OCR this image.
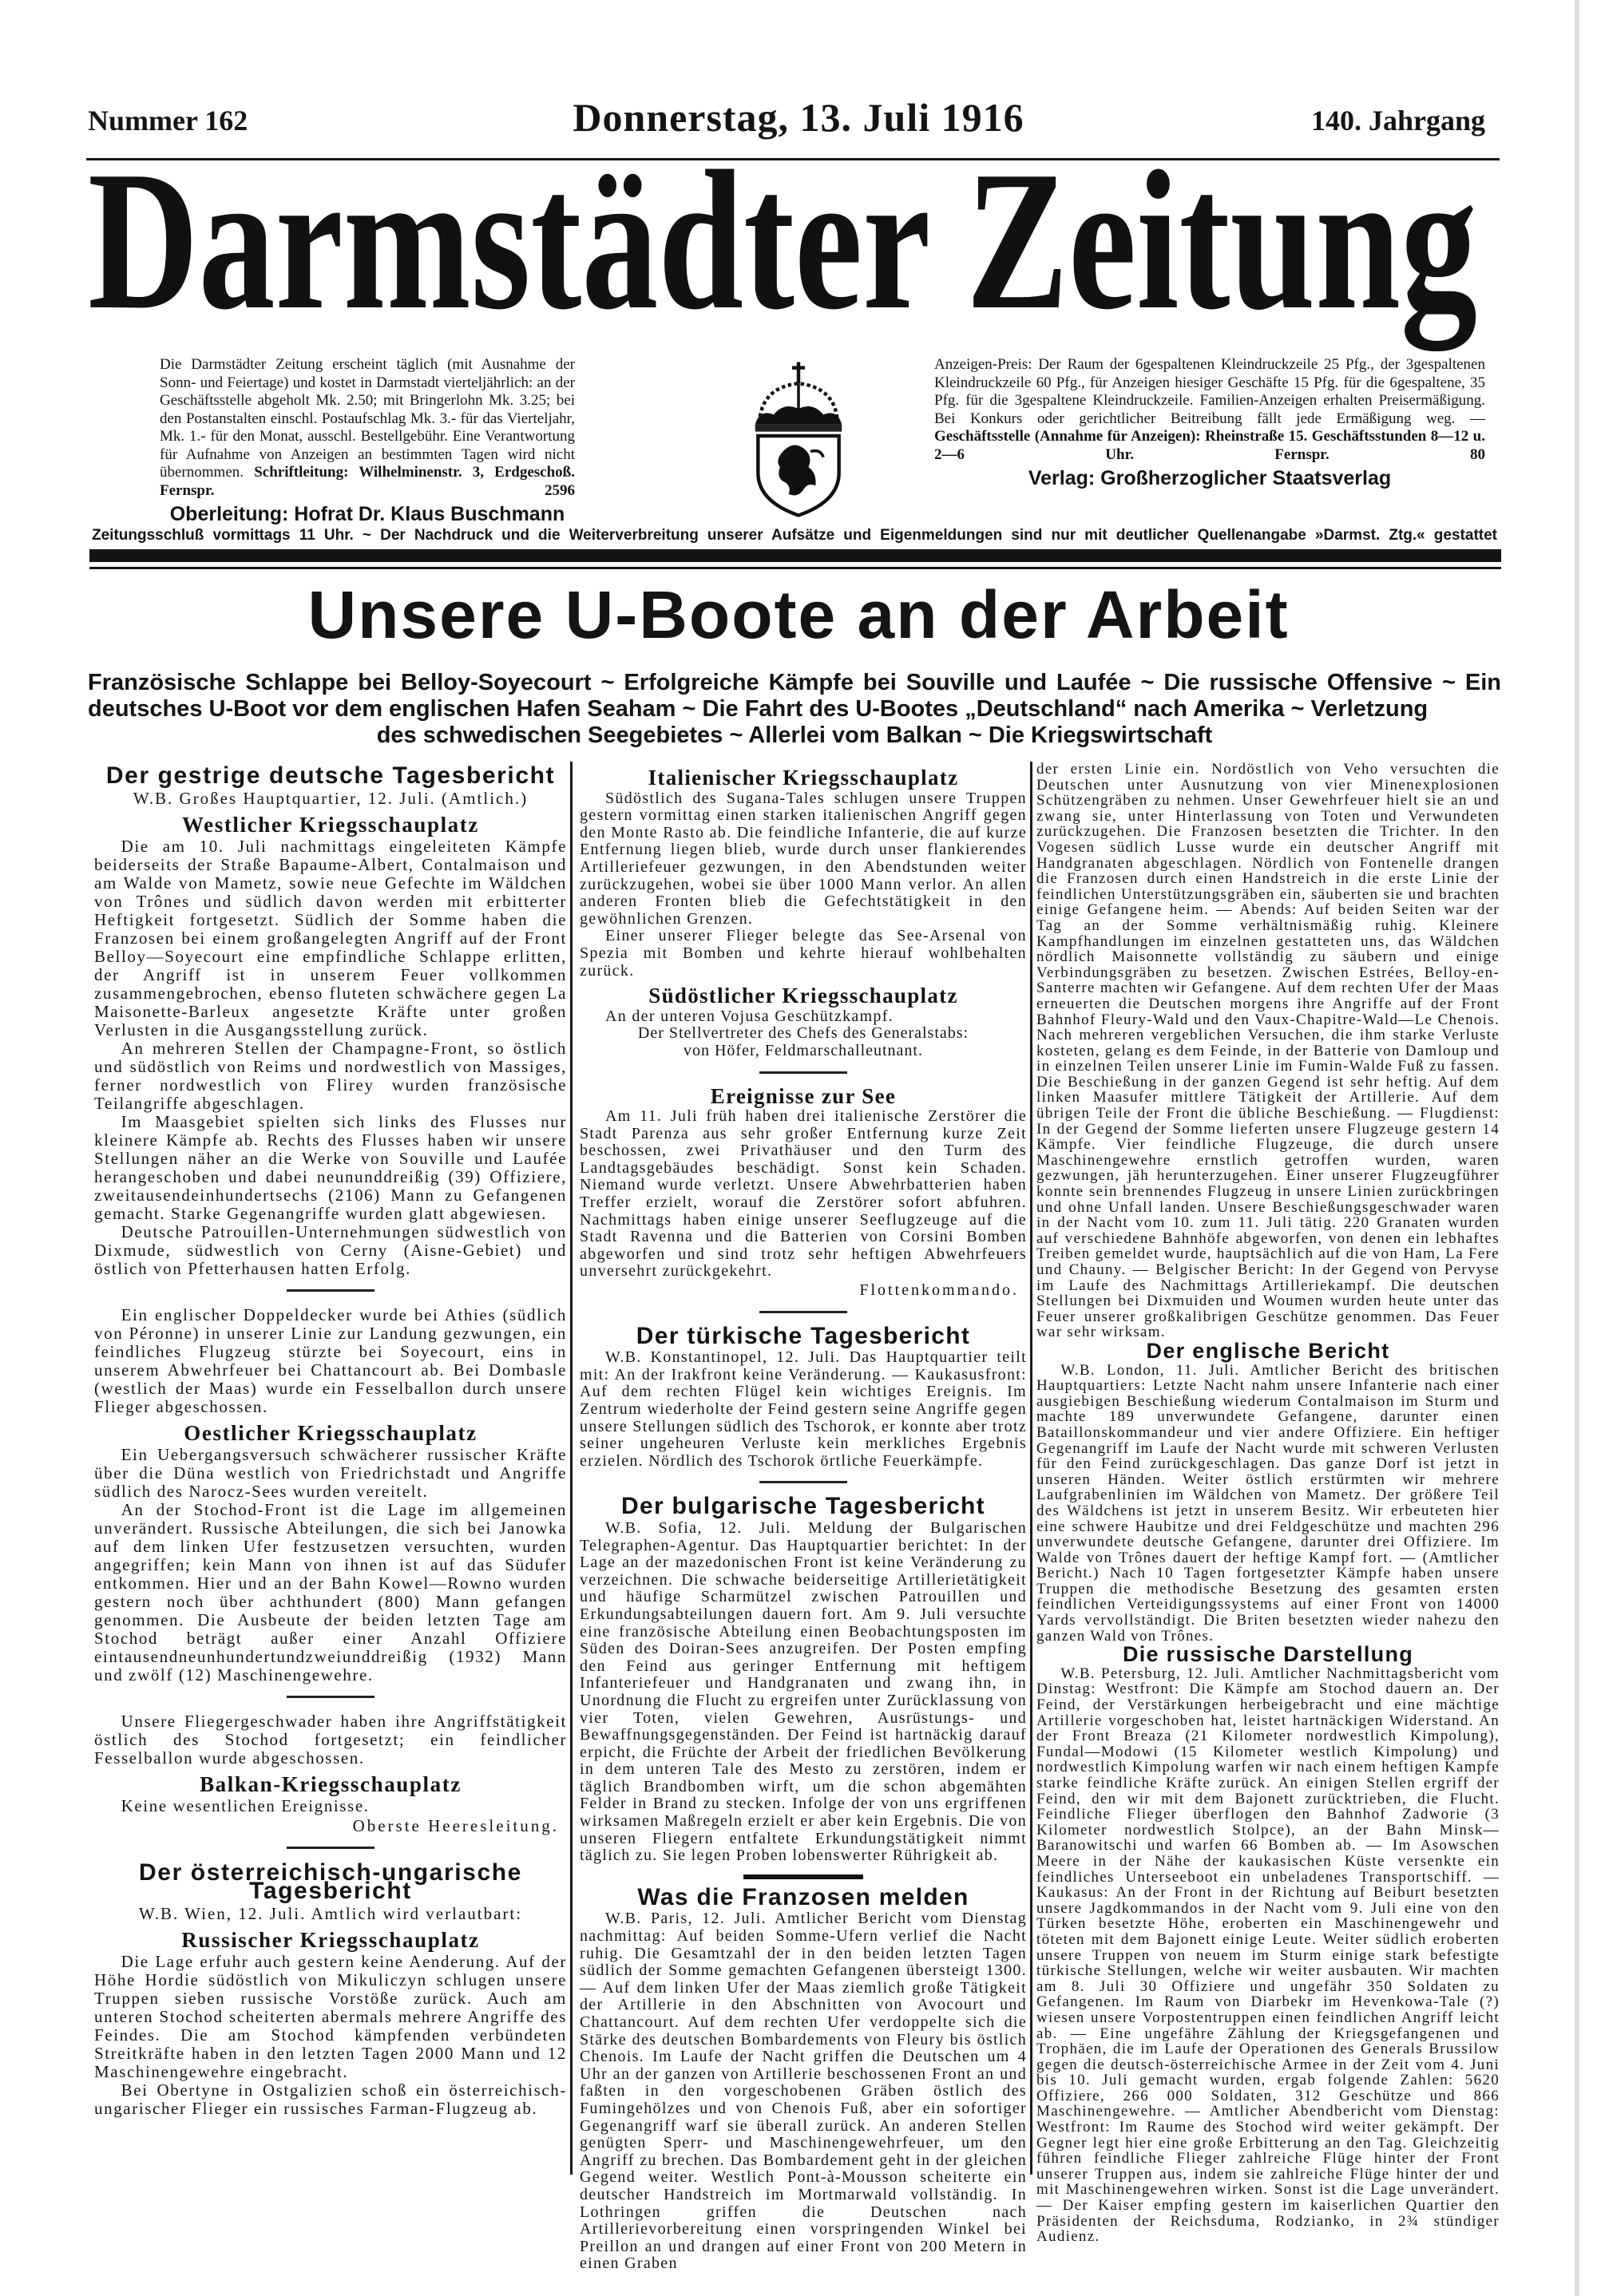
Nummer 162	Donnerstag, 13. Juli 1916	140. Jahrgang
Darmstädter Zeitung
Die Darmstädter Zeitung erscheint täglich (mit Ausnahme der Sonn- und Feiertage) und kostet in Darmstadt vierteljährlich: an der Geschäftsstelle abgeholt Mk. 2.50; mit Bringerlohn Mk. 3.25; bei den Postanstalten einschl. Postaufschlag Mk. 3.- für das Vierteljahr, Mk. 1.- für den Monat, ausschl. Bestellgebühr. Eine Verantwortung für Aufnahme von Anzeigen an bestimmten Tagen wird nicht übernommen. Schriftleitung: Wilhelminenstr. 3, Erdgeschoß. Fernspr. 2596
Oberleitung: Hofrat Dr. Klaus Buschmann
Anzeigen-Preis: Der Raum der 6gespaltenen Kleindruckzeile 25 Pfg., der 3gespaltenen Kleindruckzeile 60 Pfg., für Anzeigen hiesiger Geschäfte 15 Pfg. für die 6gespaltene, 35 Pfg. für die 3gespaltene Kleindruckzeile. Familien-Anzeigen erhalten Preisermäßigung. Bei Konkurs oder gerichtlicher Beitreibung fällt jede Ermäßigung weg. — Geschäftsstelle (Annahme für Anzeigen): Rheinstraße 15. Geschäftsstunden 8—12 u. 2—6 Uhr. Fernspr. 80
Verlag: Großherzoglicher Staatsverlag
Zeitungsschluß vormittags 11 Uhr. ~ Der Nachdruck und die Weiterverbreitung unserer Aufsätze und Eigenmeldungen sind nur mit deutlicher Quellenangabe »Darmst. Ztg.« gestattet
Unsere U-Boote an der Arbeit
Französische Schlappe bei Belloy-Soyecourt ~ Erfolgreiche Kämpfe bei Souville und Laufée ~ Die russische Offensive ~ Ein deutsches U-Boot vor dem englischen Hafen Seaham ~ Die Fahrt des U-Bootes „Deutschland“ nach Amerika ~ Verletzung
des schwedischen Seegebietes ~ Allerlei vom Balkan ~ Die Kriegswirtschaft
Der gestrige deutsche Tagesbericht
W.B. Großes Hauptquartier, 12. Juli. (Amtlich.)
Westlicher Kriegsschauplatz

Die am 10. Juli nachmittags eingeleiteten Kämpfe beiderseits der Straße Bapaume-Albert, Contalmaison und am Walde von Mametz, sowie neue Gefechte im Wäldchen von Trônes und südlich davon werden mit erbitterter Heftigkeit fortgesetzt. Südlich der Somme haben die Franzosen bei einem großangelegten Angriff auf der Front Belloy—Soyecourt eine empfindliche Schlappe erlitten, der Angriff ist in unserem Feuer vollkommen zusammengebrochen, ebenso fluteten schwächere gegen La Maisonette-Barleux angesetzte Kräfte unter großen Verlusten in die Ausgangsstellung zurück.

An mehreren Stellen der Champagne-Front, so östlich und südöstlich von Reims und nordwestlich von Massiges, ferner nordwestlich von Flirey wurden französische Teilangriffe abgeschlagen.

Im Maasgebiet spielten sich links des Flusses nur kleinere Kämpfe ab. Rechts des Flusses haben wir unsere Stellungen näher an die Werke von Souville und Laufée herangeschoben und dabei neununddreißig (39) Offiziere, zweitausendeinhundertsechs (2106) Mann zu Gefangenen gemacht. Starke Gegenangriffe wurden glatt abgewiesen.

Deutsche Patrouillen-Unternehmungen südwestlich von Dixmude, südwestlich von Cerny (Aisne-Gebiet) und östlich von Pfetterhausen hatten Erfolg.

Ein englischer Doppeldecker wurde bei Athies (südlich von Péronne) in unserer Linie zur Landung gezwungen, ein feindliches Flugzeug stürzte bei Soyecourt, eins in unserem Abwehrfeuer bei Chattancourt ab. Bei Dombasle (westlich der Maas) wurde ein Fesselballon durch unsere Flieger abgeschossen.

Oestlicher Kriegsschauplatz

Ein Uebergangsversuch schwächerer russischer Kräfte über die Düna westlich von Friedrichstadt und Angriffe südlich des Narocz-Sees wurden vereitelt.

An der Stochod-Front ist die Lage im allgemeinen unverändert. Russische Abteilungen, die sich bei Janowka auf dem linken Ufer festzusetzen versuchten, wurden angegriffen; kein Mann von ihnen ist auf das Südufer entkommen. Hier und an der Bahn Kowel—Rowno wurden gestern noch über achthundert (800) Mann gefangen genommen. Die Ausbeute der beiden letzten Tage am Stochod beträgt außer einer Anzahl Offiziere eintausendneunhundertundzweiunddreißig (1932) Mann und zwölf (12) Maschinengewehre.

Unsere Fliegergeschwader haben ihre Angriffstätigkeit östlich des Stochod fortgesetzt; ein feindlicher Fesselballon wurde abgeschossen.

Balkan-Kriegsschauplatz

Keine wesentlichen Ereignisse.

Oberste Heeresleitung.
Der österreichisch-ungarische Tagesbericht
W.B. Wien, 12. Juli. Amtlich wird verlautbart:
Russischer Kriegsschauplatz

Die Lage erfuhr auch gestern keine Aenderung. Auf der Höhe Hordie südöstlich von Mikuliczyn schlugen unsere Truppen sieben russische Vorstöße zurück. Auch am unteren Stochod scheiterten abermals mehrere Angriffe des Feindes. Die am Stochod kämpfenden verbündeten Streitkräfte haben in den letzten Tagen 2000 Mann und 12 Maschinengewehre eingebracht.

Bei Obertyne in Ostgalizien schoß ein österreichisch-ungarischer Flieger ein russisches Farman-Flugzeug ab.

Italienischer Kriegsschauplatz

Südöstlich des Sugana-Tales schlugen unsere Truppen gestern vormittag einen starken italienischen Angriff gegen den Monte Rasto ab. Die feindliche Infanterie, die auf kurze Entfernung liegen blieb, wurde durch unser flankierendes Artilleriefeuer gezwungen, in den Abendstunden weiter zurückzugehen, wobei sie über 1000 Mann verlor. An allen anderen Fronten blieb die Gefechtstätigkeit in den gewöhnlichen Grenzen.

Einer unserer Flieger belegte das See-Arsenal von Spezia mit Bomben und kehrte hierauf wohlbehalten zurück.

Südöstlicher Kriegsschauplatz

An der unteren Vojusa Geschützkampf.

Der Stellvertreter des Chefs des Generalstabs:
von Höfer, Feldmarschalleutnant.
Ereignisse zur See

Am 11. Juli früh haben drei italienische Zerstörer die Stadt Parenza aus sehr großer Entfernung kurze Zeit beschossen, zwei Privathäuser und den Turm des Landtagsgebäudes beschädigt. Sonst kein Schaden. Niemand wurde verletzt. Unsere Abwehrbatterien haben Treffer erzielt, worauf die Zerstörer sofort abfuhren. Nachmittags haben einige unserer Seeflugzeuge auf die Stadt Ravenna und die Batterien von Corsini Bomben abgeworfen und sind trotz sehr heftigen Abwehrfeuers unversehrt zurückgekehrt.

Flottenkommando.
Der türkische Tagesbericht

W.B. Konstantinopel, 12. Juli. Das Hauptquartier teilt mit: An der Irakfront keine Veränderung. — Kaukasusfront: Auf dem rechten Flügel kein wichtiges Ereignis. Im Zentrum wiederholte der Feind gestern seine Angriffe gegen unsere Stellungen südlich des Tschorok, er konnte aber trotz seiner ungeheuren Verluste kein merkliches Ergebnis erzielen. Nördlich des Tschorok örtliche Feuerkämpfe.

Der bulgarische Tagesbericht

W.B. Sofia, 12. Juli. Meldung der Bulgarischen Telegraphen-Agentur. Das Hauptquartier berichtet: In der Lage an der mazedonischen Front ist keine Veränderung zu verzeichnen. Die schwache beiderseitige Artillerietätigkeit und häufige Scharmützel zwischen Patrouillen und Erkundungsabteilungen dauern fort. Am 9. Juli versuchte eine französische Abteilung einen Beobachtungsposten im Süden des Doiran-Sees anzugreifen. Der Posten empfing den Feind aus geringer Entfernung mit heftigem Infanteriefeuer und Handgranaten und zwang ihn, in Unordnung die Flucht zu ergreifen unter Zurücklassung von vier Toten, vielen Gewehren, Ausrüstungs- und Bewaffnungsgegenständen. Der Feind ist hartnäckig darauf erpicht, die Früchte der Arbeit der friedlichen Bevölkerung in dem unteren Tale des Mesto zu zerstören, indem er täglich Brandbomben wirft, um die schon abgemähten Felder in Brand zu stecken. Infolge der von uns ergriffenen wirksamen Maßregeln erzielt er aber kein Ergebnis. Die von unseren Fliegern entfaltete Erkundungstätigkeit nimmt täglich zu. Sie legen Proben lobenswerter Rührigkeit ab.

Was die Franzosen melden

W.B. Paris, 12. Juli. Amtlicher Bericht vom Dienstag nachmittag: Auf beiden Somme-Ufern verlief die Nacht ruhig. Die Gesamtzahl der in den beiden letzten Tagen südlich der Somme gemachten Gefangenen übersteigt 1300. — Auf dem linken Ufer der Maas ziemlich große Tätigkeit der Artillerie in den Abschnitten von Avocourt und Chattancourt. Auf dem rechten Ufer verdoppelte sich die Stärke des deutschen Bombardements von Fleury bis östlich Chenois. Im Laufe der Nacht griffen die Deutschen um 4 Uhr an der ganzen von Artillerie beschossenen Front an und faßten in den vorgeschobenen Gräben östlich des Fumingehölzes und von Chenois Fuß, aber ein sofortiger Gegenangriff warf sie überall zurück. An anderen Stellen genügten Sperr- und Maschinengewehrfeuer, um den Angriff zu brechen. Das Bombardement geht in der gleichen Gegend weiter. Westlich Pont-à-Mousson scheiterte ein deutscher Handstreich im Mortmarwald vollständig. In Lothringen griffen die Deutschen nach Artillerievorbereitung einen vorspringenden Winkel bei Preillon an und drangen auf einer Front von 200 Metern in einen Graben

der ersten Linie ein. Nordöstlich von Veho versuchten die Deutschen unter Ausnutzung von vier Minenexplosionen Schützengräben zu nehmen. Unser Gewehrfeuer hielt sie an und zwang sie, unter Hinterlassung von Toten und Verwundeten zurückzugehen. Die Franzosen besetzten die Trichter. In den Vogesen südlich Lusse wurde ein deutscher Angriff mit Handgranaten abgeschlagen. Nördlich von Fontenelle drangen die Franzosen durch einen Handstreich in die erste Linie der feindlichen Unterstützungsgräben ein, säuberten sie und brachten einige Gefangene heim. — Abends: Auf beiden Seiten war der Tag an der Somme verhältnismäßig ruhig. Kleinere Kampfhandlungen im einzelnen gestatteten uns, das Wäldchen nördlich Maisonnette vollständig zu säubern und einige Verbindungsgräben zu besetzen. Zwischen Estrées, Belloy-en-Santerre machten wir Gefangene. Auf dem rechten Ufer der Maas erneuerten die Deutschen morgens ihre Angriffe auf der Front Bahnhof Fleury-Wald und den Vaux-Chapitre-Wald—Le Chenois. Nach mehreren vergeblichen Versuchen, die ihm starke Verluste kosteten, gelang es dem Feinde, in der Batterie von Damloup und in einzelnen Teilen unserer Linie im Fumin-Walde Fuß zu fassen. Die Beschießung in der ganzen Gegend ist sehr heftig. Auf dem linken Maasufer mittlere Tätigkeit der Artillerie. Auf dem übrigen Teile der Front die übliche Beschießung. — Flugdienst: In der Gegend der Somme lieferten unsere Flugzeuge gestern 14 Kämpfe. Vier feindliche Flugzeuge, die durch unsere Maschinengewehre ernstlich getroffen wurden, waren gezwungen, jäh herunterzugehen. Einer unserer Flugzeugführer konnte sein brennendes Flugzeug in unsere Linien zurückbringen und ohne Unfall landen. Unsere Beschießungsgeschwader waren in der Nacht vom 10. zum 11. Juli tätig. 220 Granaten wurden auf verschiedene Bahnhöfe abgeworfen, von denen ein lebhaftes Treiben gemeldet wurde, hauptsächlich auf die von Ham, La Fere und Chauny. — Belgischer Bericht: In der Gegend von Pervyse im Laufe des Nachmittags Artilleriekampf. Die deutschen Stellungen bei Dixmuiden und Woumen wurden heute unter das Feuer unserer großkalibrigen Geschütze genommen. Das Feuer war sehr wirksam.

Der englische Bericht

W.B. London, 11. Juli. Amtlicher Bericht des britischen Hauptquartiers: Letzte Nacht nahm unsere Infanterie nach einer ausgiebigen Beschießung wiederum Contalmaison im Sturm und machte 189 unverwundete Gefangene, darunter einen Bataillonskommandeur und vier andere Offiziere. Ein heftiger Gegenangriff im Laufe der Nacht wurde mit schweren Verlusten für den Feind zurückgeschlagen. Das ganze Dorf ist jetzt in unseren Händen. Weiter östlich erstürmten wir mehrere Laufgrabenlinien im Wäldchen von Mametz. Der größere Teil des Wäldchens ist jetzt in unserem Besitz. Wir erbeuteten hier eine schwere Haubitze und drei Feldgeschütze und machten 296 unverwundete deutsche Gefangene, darunter drei Offiziere. Im Walde von Trônes dauert der heftige Kampf fort. — (Amtlicher Bericht.) Nach 10 Tagen fortgesetzter Kämpfe haben unsere Truppen die methodische Besetzung des gesamten ersten feindlichen Verteidigungssystems auf einer Front von 14000 Yards vervollständigt. Die Briten besetzten wieder nahezu den ganzen Wald von Trônes.

Die russische Darstellung

W.B. Petersburg, 12. Juli. Amtlicher Nachmittagsbericht vom Dinstag: Westfront: Die Kämpfe am Stochod dauern an. Der Feind, der Verstärkungen herbeigebracht und eine mächtige Artillerie vorgeschoben hat, leistet hartnäckigen Widerstand. An der Front Breaza (21 Kilometer nordwestlich Kimpolung), Fundal—Modowi (15 Kilometer westlich Kimpolung) und nordwestlich Kimpolung warfen wir nach einem heftigen Kampfe starke feindliche Kräfte zurück. An einigen Stellen ergriff der Feind, den wir mit dem Bajonett zurücktrieben, die Flucht. Feindliche Flieger überflogen den Bahnhof Zadworie (3 Kilometer nordwestlich Stolpce), an der Bahn Minsk—Baranowitschi und warfen 66 Bomben ab. — Im Asowschen Meere in der Nähe der kaukasischen Küste versenkte ein feindliches Unterseeboot ein unbeladenes Transportschiff. — Kaukasus: An der Front in der Richtung auf Beiburt besetzten unsere Jagdkommandos in der Nacht vom 9. Juli eine von den Türken besetzte Höhe, eroberten ein Maschinengewehr und töteten mit dem Bajonett einige Leute. Weiter südlich eroberten unsere Truppen von neuem im Sturm einige stark befestigte türkische Stellungen, welche wir weiter ausbauten. Wir machten am 8. Juli 30 Offiziere und ungefähr 350 Soldaten zu Gefangenen. Im Raum von Diarbekr im Hevenkowa-Tale (?) wiesen unsere Vorpostentruppen einen feindlichen Angriff leicht ab. — Eine ungefähre Zählung der Kriegsgefangenen und Trophäen, die im Laufe der Operationen des Generals Brussilow gegen die deutsch-österreichische Armee in der Zeit vom 4. Juni bis 10. Juli gemacht wurden, ergab folgende Zahlen: 5620 Offiziere, 266 000 Soldaten, 312 Geschütze und 866 Maschinengewehre. — Amtlicher Abendbericht vom Dienstag: Westfront: Im Raume des Stochod wird weiter gekämpft. Der Gegner legt hier eine große Erbitterung an den Tag. Gleichzeitig führen feindliche Flieger zahlreiche Flüge hinter der Front unserer Truppen aus, indem sie zahlreiche Flüge hinter der und mit Maschinengewehren wirken. Sonst ist die Lage unverändert. — Der Kaiser empfing gestern im kaiserlichen Quartier den Präsidenten der Reichsduma, Rodzianko, in 2¾ stündiger Audienz.
